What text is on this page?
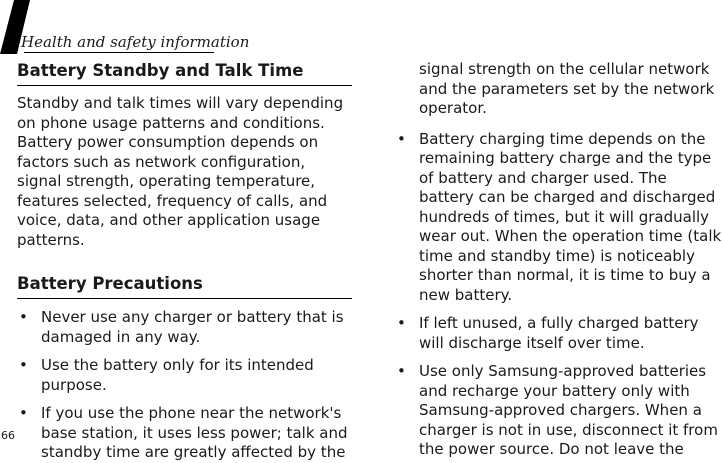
Health and safety information
Battery Standby and Talk Time

Standby and talk times will vary depending on phone usage patterns and conditions. Battery power consumption depends on factors such as network configuration, signal strength, operating temperature, features selected, frequency of calls, and voice, data, and other application usage patterns.

Battery Precautions
• Never use any charger or battery that is damaged in any way.
• Use the battery only for its intended purpose.
• If you use the phone near the network's base station, it uses less power; talk and standby time are greatly affected by the

signal strength on the cellular network and the parameters set by the network operator.

• Battery charging time depends on the remaining battery charge and the type of battery and charger used. The battery can be charged and discharged hundreds of times, but it will gradually wear out. When the operation time (talk time and standby time) is noticeably shorter than normal, it is time to buy a new battery.
• If left unused, a fully charged battery will discharge itself over time.
• Use only Samsung-approved batteries and recharge your battery only with Samsung-approved chargers. When a charger is not in use, disconnect it from the power source. Do not leave the
66
